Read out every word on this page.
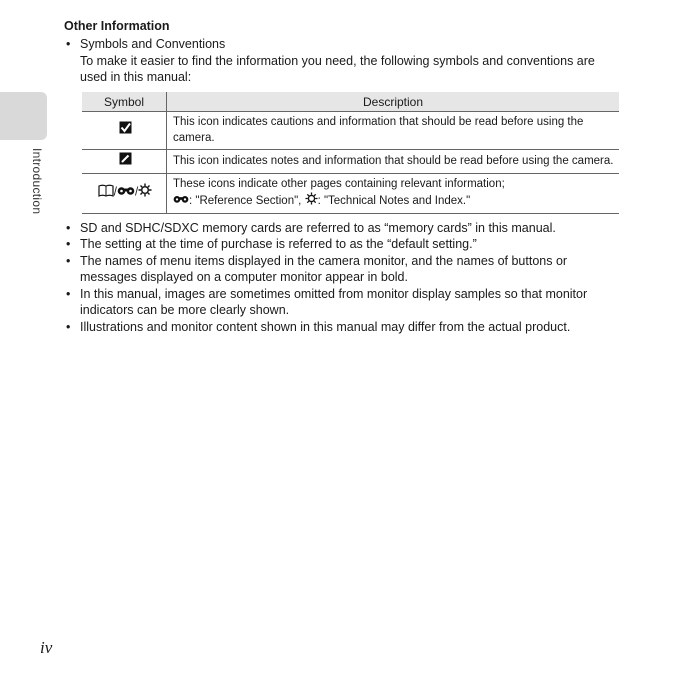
Introduction
Other Information
• Symbols and Conventions
To make it easier to find the information you need, the following symbols and conventions are used in this manual:
Symbol	Description
	This icon indicates cautions and information that should be read before using the camera.
	This icon indicates notes and information that should be read before using the camera.
/ /	These icons indicate other pages containing relevant information;
: "Reference Section", : "Technical Notes and Index."
• SD and SDHC/SDXC memory cards are referred to as “memory cards” in this manual.
• The setting at the time of purchase is referred to as the “default setting.”
• The names of menu items displayed in the camera monitor, and the names of buttons or messages displayed on a computer monitor appear in bold.
• In this manual, images are sometimes omitted from monitor display samples so that monitor indicators can be more clearly shown.
• Illustrations and monitor content shown in this manual may differ from the actual product.
iv
